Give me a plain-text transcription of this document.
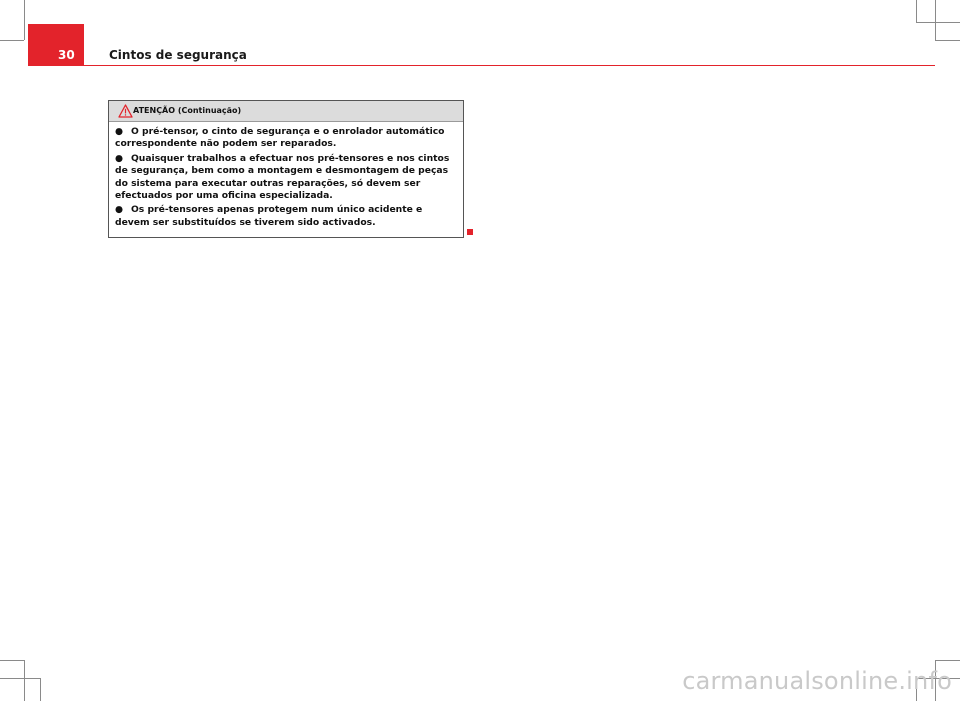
30	Cintos de segurança
ATENÇÃO (Continuação)
● O pré-tensor, o cinto de segurança e o enrolador automático correspondente não podem ser reparados.
● Quaisquer trabalhos a efectuar nos pré-tensores e nos cintos de segurança, bem como a montagem e desmontagem de peças do sistema para executar outras reparações, só devem ser efectuados por uma oficina especializada.
● Os pré-tensores apenas protegem num único acidente e devem ser substituídos se tiverem sido activados.
carmanualsonline.info
